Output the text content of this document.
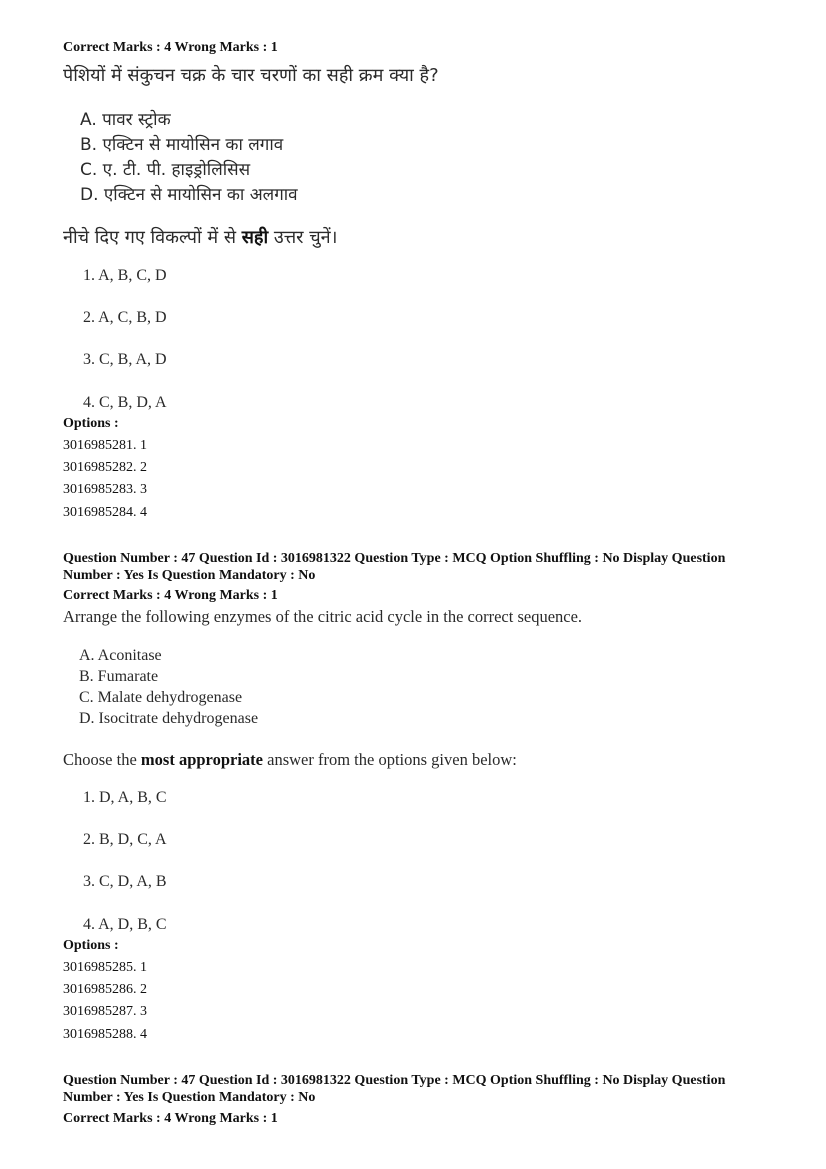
Correct Marks : 4 Wrong Marks : 1
पेशियों में संकुचन चक्र के चार चरणों का सही क्रम क्या है?
A. पावर स्ट्रोक
B. एक्टिन से मायोसिन का लगाव
C. ए. टी. पी. हाइड्रोलिसिस
D. एक्टिन से मायोसिन का अलगाव
नीचे दिए गए विकल्पों में से सही उत्तर चुनें।
1. A, B, C, D
2. A, C, B, D
3. C, B, A, D
4. C, B, D, A
Options :
3016985281. 1
3016985282. 2
3016985283. 3
3016985284. 4
Question Number : 47 Question Id : 3016981322 Question Type : MCQ Option Shuffling : No Display Question
Number : Yes Is Question Mandatory : No
Correct Marks : 4 Wrong Marks : 1
Arrange the following enzymes of the citric acid cycle in the correct sequence.
A. Aconitase
B. Fumarate
C. Malate dehydrogenase
D. Isocitrate dehydrogenase
Choose the most appropriate answer from the options given below:
1. D, A, B, C
2. B, D, C, A
3. C, D, A, B
4. A, D, B, C
Options :
3016985285. 1
3016985286. 2
3016985287. 3
3016985288. 4
Question Number : 47 Question Id : 3016981322 Question Type : MCQ Option Shuffling : No Display Question
Number : Yes Is Question Mandatory : No
Correct Marks : 4 Wrong Marks : 1
